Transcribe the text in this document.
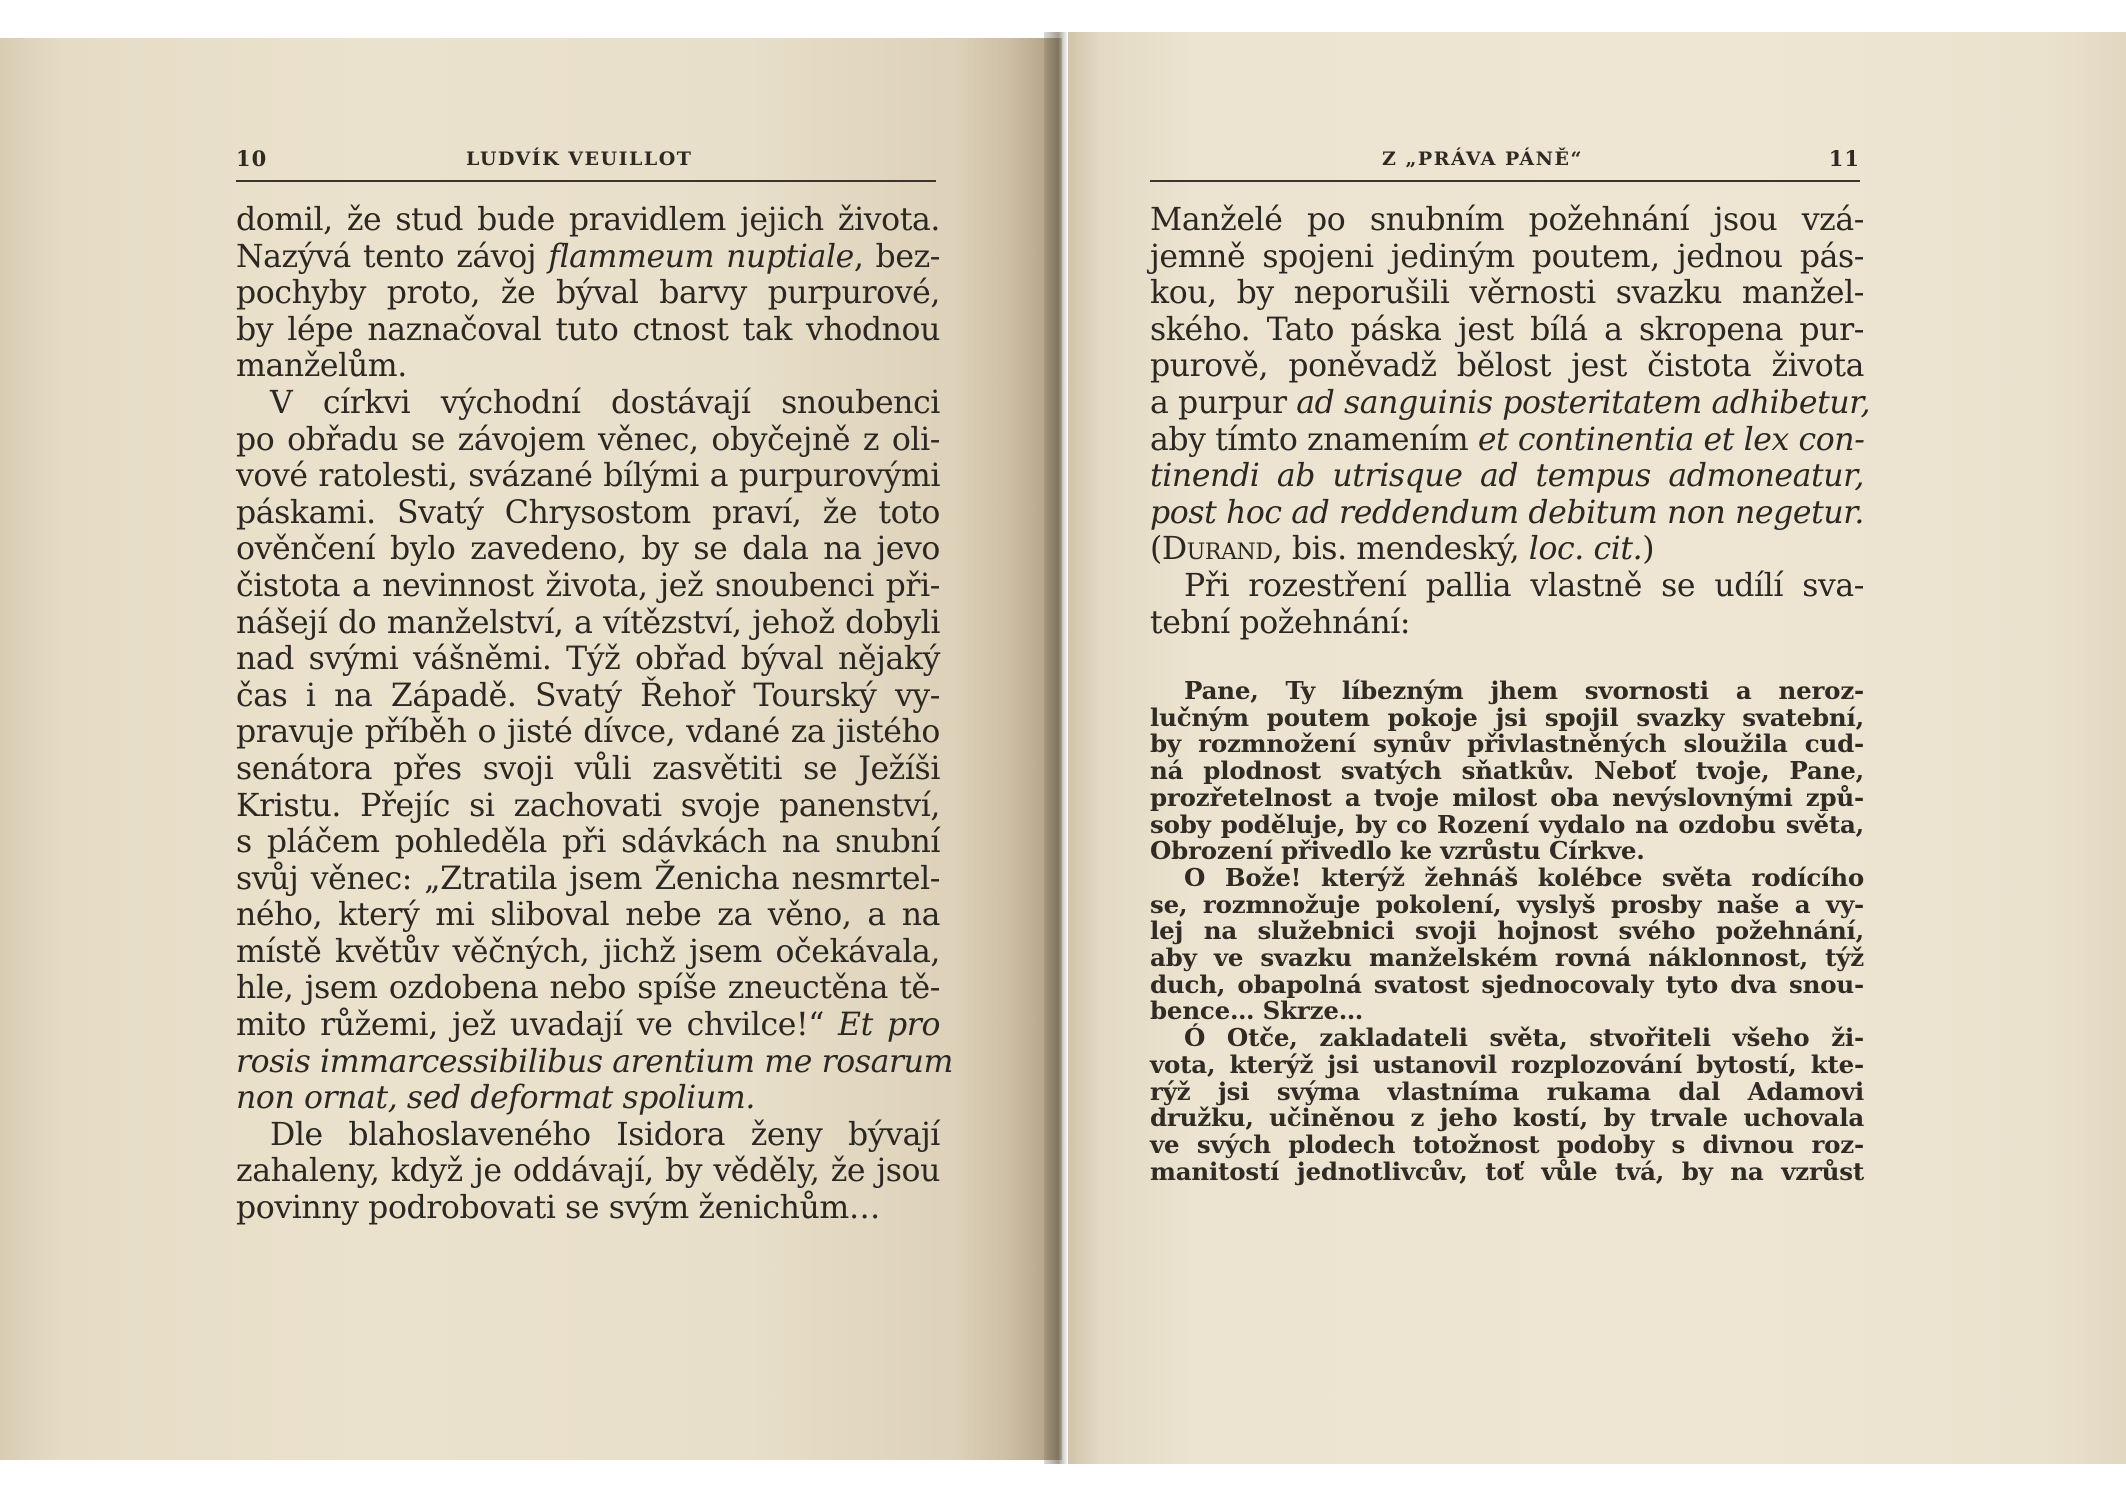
10	LUDVÍK VEUILLOT	Z „PRÁVA PÁNĚ“	11
domil, že stud bude pravidlem jejich života.
Nazývá tento závoj flammeum nuptiale, bez-
pochyby proto, že býval barvy purpurové,
by lépe naznačoval tuto ctnost tak vhodnou
manželům.
V církvi východní dostávají snoubenci
po obřadu se závojem věnec, obyčejně z oli-
vové ratolesti, svázané bílými a purpurovými
páskami. Svatý Chrysostom praví, že toto
ověnčení bylo zavedeno, by se dala na jevo
čistota a nevinnost života, jež snoubenci při-
nášejí do manželství, a vítězství, jehož dobyli
nad svými vášněmi. Týž obřad býval nějaký
čas i na Západě. Svatý Řehoř Tourský vy-
pravuje příběh o jisté dívce, vdané za jistého
senátora přes svoji vůli zasvětiti se Ježíši
Kristu. Přejíc si zachovati svoje panenství,
s pláčem pohleděla při sdávkách na snubní
svůj věnec: „Ztratila jsem Ženicha nesmrtel-
ného, který mi sliboval nebe za věno, a na
místě květův věčných, jichž jsem očekávala,
hle, jsem ozdobena nebo spíše zneuctěna tě-
mito růžemi, jež uvadají ve chvilce!“ Et pro
rosis immarcessibilibus arentium me rosarum
non ornat, sed deformat spolium.
Dle blahoslaveného Isidora ženy bývají
zahaleny, když je oddávají, by věděly, že jsou
povinny podrobovati se svým ženichům…
Manželé po snubním požehnání jsou vzá-
jemně spojeni jediným poutem, jednou pás-
kou, by neporušili věrnosti svazku manžel-
ského. Tato páska jest bílá a skropena pur-
purově, poněvadž bělost jest čistota života
a purpur ad sanguinis posteritatem adhibetur,
aby tímto znamením et continentia et lex con-
tinendi ab utrisque ad tempus admoneatur,
post hoc ad reddendum debitum non negetur.
(Durand, bis. mendeský, loc. cit.)
Při rozestření pallia vlastně se udílí sva-
tební požehnání:
Pane, Ty líbezným jhem svornosti a neroz-
lučným poutem pokoje jsi spojil svazky svatební,
by rozmnožení synův přivlastněných sloužila cud-
ná plodnost svatých sňatkův. Neboť tvoje, Pane,
prozřetelnost a tvoje milost oba nevýslovnými způ-
soby poděluje, by co Rození vydalo na ozdobu světa,
Obrození přivedlo ke vzrůstu Církve.
O Bože! kterýž žehnáš kolébce světa rodícího
se, rozmnožuje pokolení, vyslyš prosby naše a vy-
lej na služebnici svoji hojnost svého požehnání,
aby ve svazku manželském rovná náklonnost, týž
duch, obapolná svatost sjednocovaly tyto dva snou-
bence… Skrze…
Ó Otče, zakladateli světa, stvořiteli všeho ži-
vota, kterýž jsi ustanovil rozplozování bytostí, kte-
rýž jsi svýma vlastníma rukama dal Adamovi
družku, učiněnou z jeho kostí, by trvale uchovala
ve svých plodech totožnost podoby s divnou roz-
manitostí jednotlivcův, toť vůle tvá, by na vzrůst
